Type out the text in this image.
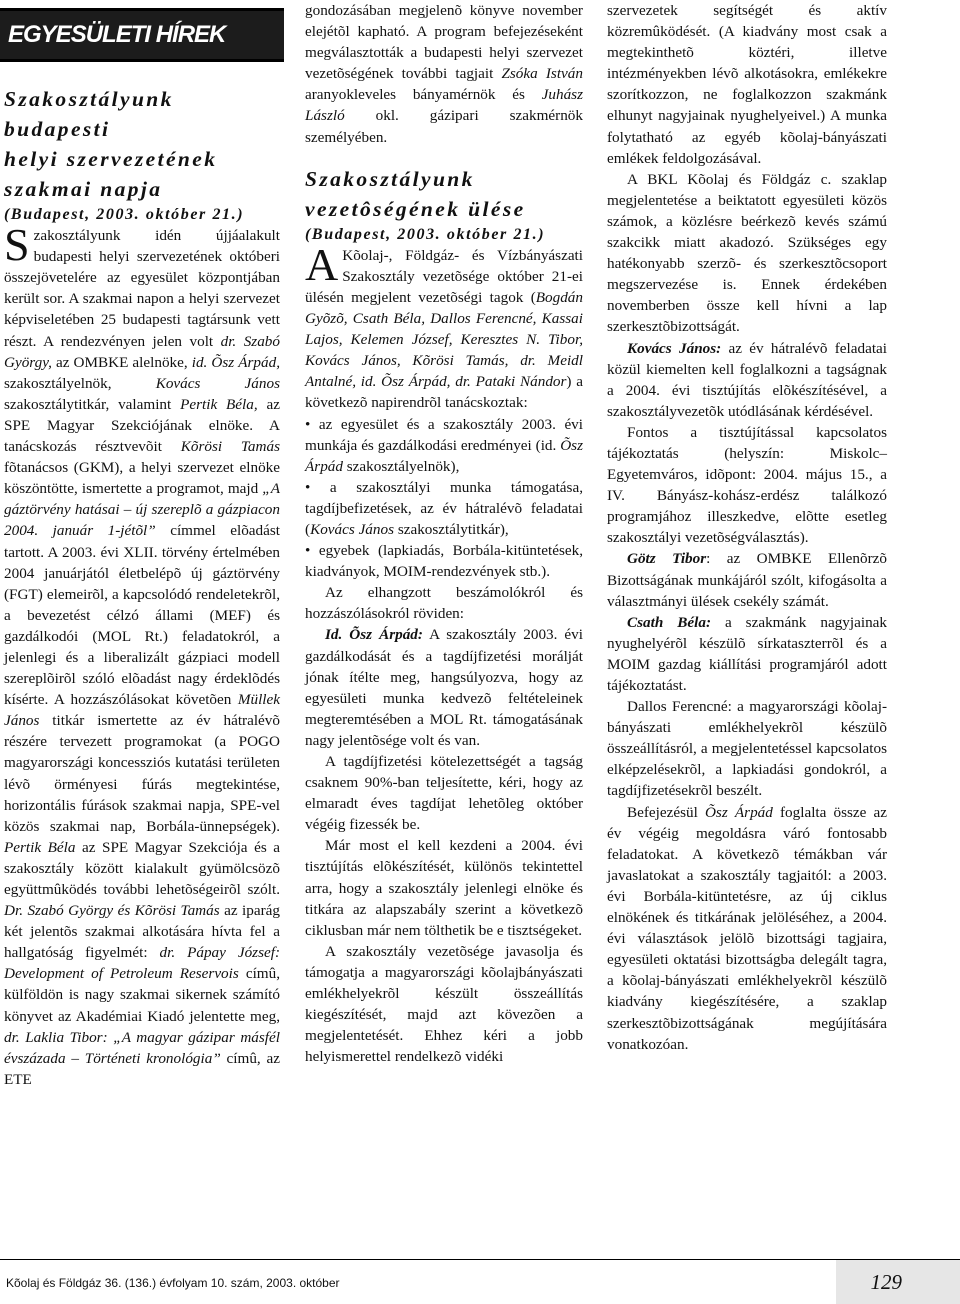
EGYESÜLETI HÍREK

Szakosztályunk budapesti

helyi szervezetének

szakmai napja

(Budapest, 2003. október 21.)

Szakosztályunk idén újjáalakult budapesti helyi szervezetének októberi összejövetelére az egyesület központjában került sor. A szakmai napon a helyi szervezet képviseletében 25 budapesti tagtársunk vett részt. A rendezvényen jelen volt dr. Szabó György, az OMBKE alelnöke, id. Õsz Árpád, szakosztályelnök, Kovács János szakosztálytitkár, valamint Pertik Béla, az SPE Magyar Szekciójának elnöke. A tanácskozás résztvevõit Kõrösi Tamás fõtanácsos (GKM), a helyi szervezet elnöke köszöntötte, ismertette a programot, majd „A gáztörvény hatásai – új szereplõ a gázpiacon 2004. január 1-jétõl” címmel elõadást tartott. A 2003. évi XLII. törvény értelmében 2004 januárjától életbelépõ új gáztörvény (FGT) elemeirõl, a kapcsolódó rendeletekrõl, a bevezetést célzó állami (MEF) és gazdálkodói (MOL Rt.) feladatokról, a jelenlegi és a liberalizált gázpiaci modell szereplõirõl szóló elõadást nagy érdeklõdés kísérte. A hozzászólásokat követõen Müllek János titkár ismertette az év hátralévõ részére tervezett programokat (a POGO magyarországi koncessziós kutatási területen lévõ örményesi fúrás megtekintése, horizontális fúrások szakmai napja, SPE-vel közös szakmai nap, Borbála-ünnepségek). Pertik Béla az SPE Magyar Szekciója és a szakosztály között kialakult gyümölcsözõ együttmûködés további lehetõségeirõl szólt. Dr. Szabó György és Kõrösi Tamás az iparág két jelentõs szakmai alkotására hívta fel a hallgatóság figyelmét: dr. Pápay József: Development of Petroleum Reservois címû, külföldön is nagy szakmai sikernek számító könyvet az Akadémiai Kiadó jelentette meg, dr. Laklia Tibor: „A magyar gázipar másfél évszázada – Történeti kronológia” címû, az ETE

gondozásában megjelenõ könyve november elejétõl kapható. A program befejezéseként megválasztották a budapesti helyi szervezet vezetõségének további tagjait Zsóka István aranyokleveles bányamérnök és Juhász László okl. gázipari szakmérnök személyében.

Szakosztályunk

vezetôségének ülése

(Budapest, 2003. október 21.)

A Kõolaj-, Földgáz- és Vízbányászati Szakosztály vezetõsége október 21-ei ülésén megjelent vezetõségi tagok (Bogdán Gyõzõ, Csath Béla, Dallos Ferencné, Kassai Lajos, Kelemen József, Keresztes N. Tibor, Kovács János, Kõrösi Tamás, dr. Meidl Antalné, id. Õsz Árpád, dr. Pataki Nándor) a következõ napirendrõl tanácskoztak:

• az egyesület és a szakosztály 2003. évi munkája és gazdálkodási eredményei (id. Õsz Árpád szakosztályelnök),

• a szakosztályi munka támogatása, tagdíjbefizetések, az év hátralévõ feladatai (Kovács János szakosztálytitkár),

• egyebek (lapkiadás, Borbála-kitüntetések, kiadványok, MOIM-rendezvények stb.).

Az elhangzott beszámolókról és hozzászólásokról röviden:

Id. Õsz Árpád: A szakosztály 2003. évi gazdálkodását és a tagdíjfizetési morálját jónak ítélte meg, hangsúlyozva, hogy az egyesületi munka kedvezõ feltételeinek megteremtésében a MOL Rt. támogatásának nagy jelentõsége volt és van.

A tagdíjfizetési kötelezettségét a tagság csaknem 90%-ban teljesítette, kéri, hogy az elmaradt éves tagdíjat lehetõleg október végéig fizessék be.

Már most el kell kezdeni a 2004. évi tisztújítás elõkészítését, különös tekintettel arra, hogy a szakosztály jelenlegi elnöke és titkára az alapszabály szerint a következõ ciklusban már nem tölthetik be e tisztségeket.

A szakosztály vezetõsége javasolja és támogatja a magyarországi kõolajbányászati emlékhelyekrõl készült összeállítás kiegészítését, majd azt kövezõen a megjelentetését. Ehhez kéri a jobb helyismerettel rendelkezõ vidéki

szervezetek segítségét és aktív közremûködését. (A kiadvány most csak a megtekinthetõ köztéri, illetve intézményekben lévõ alkotásokra, emlékekre szorítkozzon, ne foglalkozzon szakmánk elhunyt nagyjainak nyughelyeivel.) A munka folytatható az egyéb kõolaj-bányászati emlékek feldolgozásával.

A BKL Kõolaj és Földgáz c. szaklap megjelentetése a beiktatott egyesületi közös számok, a közlésre beérkezõ kevés számú szakcikk miatt akadozó. Szükséges egy hatékonyabb szerzõ- és szerkesztõcsoport megszervezése is. Ennek érdekében novemberben össze kell hívni a lap szerkesztõbizottságát.

Kovács János: az év hátralévõ feladatai közül kiemelten kell foglalkozni a tagságnak a 2004. évi tisztújítás elõkészítésével, a szakosztályvezetõk utódlásának kérdésével.

Fontos a tisztújítással kapcsolatos tájékoztatás (helyszín: Miskolc–Egyetemváros, idõpont: 2004. május 15., a IV. Bányász-kohász-erdész találkozó programjához illeszkedve, elõtte esetleg szakosztályi vezetõségválasztás).

Götz Tibor: az OMBKE Ellenõrzõ Bizottságának munkájáról szólt, kifogásolta a választmányi ülések csekély számát.

Csath Béla: a szakmánk nagyjainak nyughelyérõl készülõ sírkataszterrõl és a MOIM gazdag kiállítási programjáról adott tájékoztatást.

Dallos Ferencné: a magyarországi kõolaj-bányászati emlékhelyekrõl készülõ összeállításról, a megjelentetéssel kapcsolatos elképzelésekrõl, a lapkiadási gondokról, a tagdíjfizetésekrõl beszélt.

Befejezésül Õsz Árpád foglalta össze az év végéig megoldásra váró fontosabb feladatokat. A következõ témákban vár javaslatokat a szakosztály tagjaitól: a 2003. évi Borbála-kitüntetésre, az új ciklus elnökének és titkárának jelöléséhez, a 2004. évi választások jelölõ bizottsági tagjaira, egyesületi oktatási bizottságba delegált tagra, a kõolaj-bányászati emlékhelyekrõl készülõ kiadvány kiegészítésére, a szaklap szerkesztõbizottságának megújítására vonatkozóan.

Kõolaj és Földgáz 36. (136.) évfolyam 10. szám, 2003. október	129
